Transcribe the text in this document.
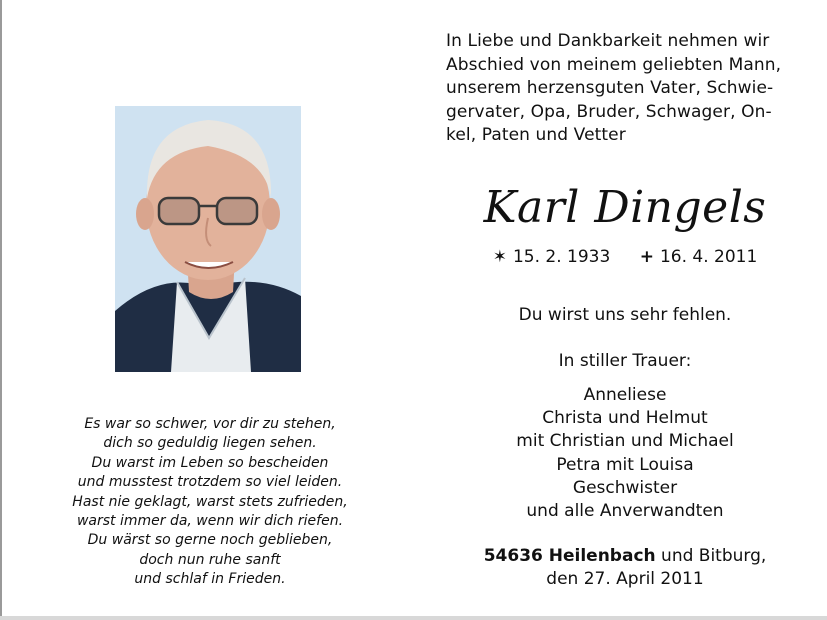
In Liebe und Dankbarkeit nehmen wir
Abschied von meinem geliebten Mann,
unserem herzensguten Vater, Schwie-
gervater, Opa, Bruder, Schwager, On-
kel, Paten und Vetter
Karl Dingels
✶ 15. 2. 1933 + 16. 4. 2011
Du wirst uns sehr fehlen.
In stiller Trauer:
Anneliese
Christa und Helmut
mit Christian und Michael
Petra mit Louisa
Geschwister
und alle Anverwandten
54636 Heilenbach und Bitburg,
den 27. April 2011
Es war so schwer, vor dir zu stehen,
dich so geduldig liegen sehen.
Du warst im Leben so bescheiden
und musstest trotzdem so viel leiden.
Hast nie geklagt, warst stets zufrieden,
warst immer da, wenn wir dich riefen.
Du wärst so gerne noch geblieben,
doch nun ruhe sanft
und schlaf in Frieden.
